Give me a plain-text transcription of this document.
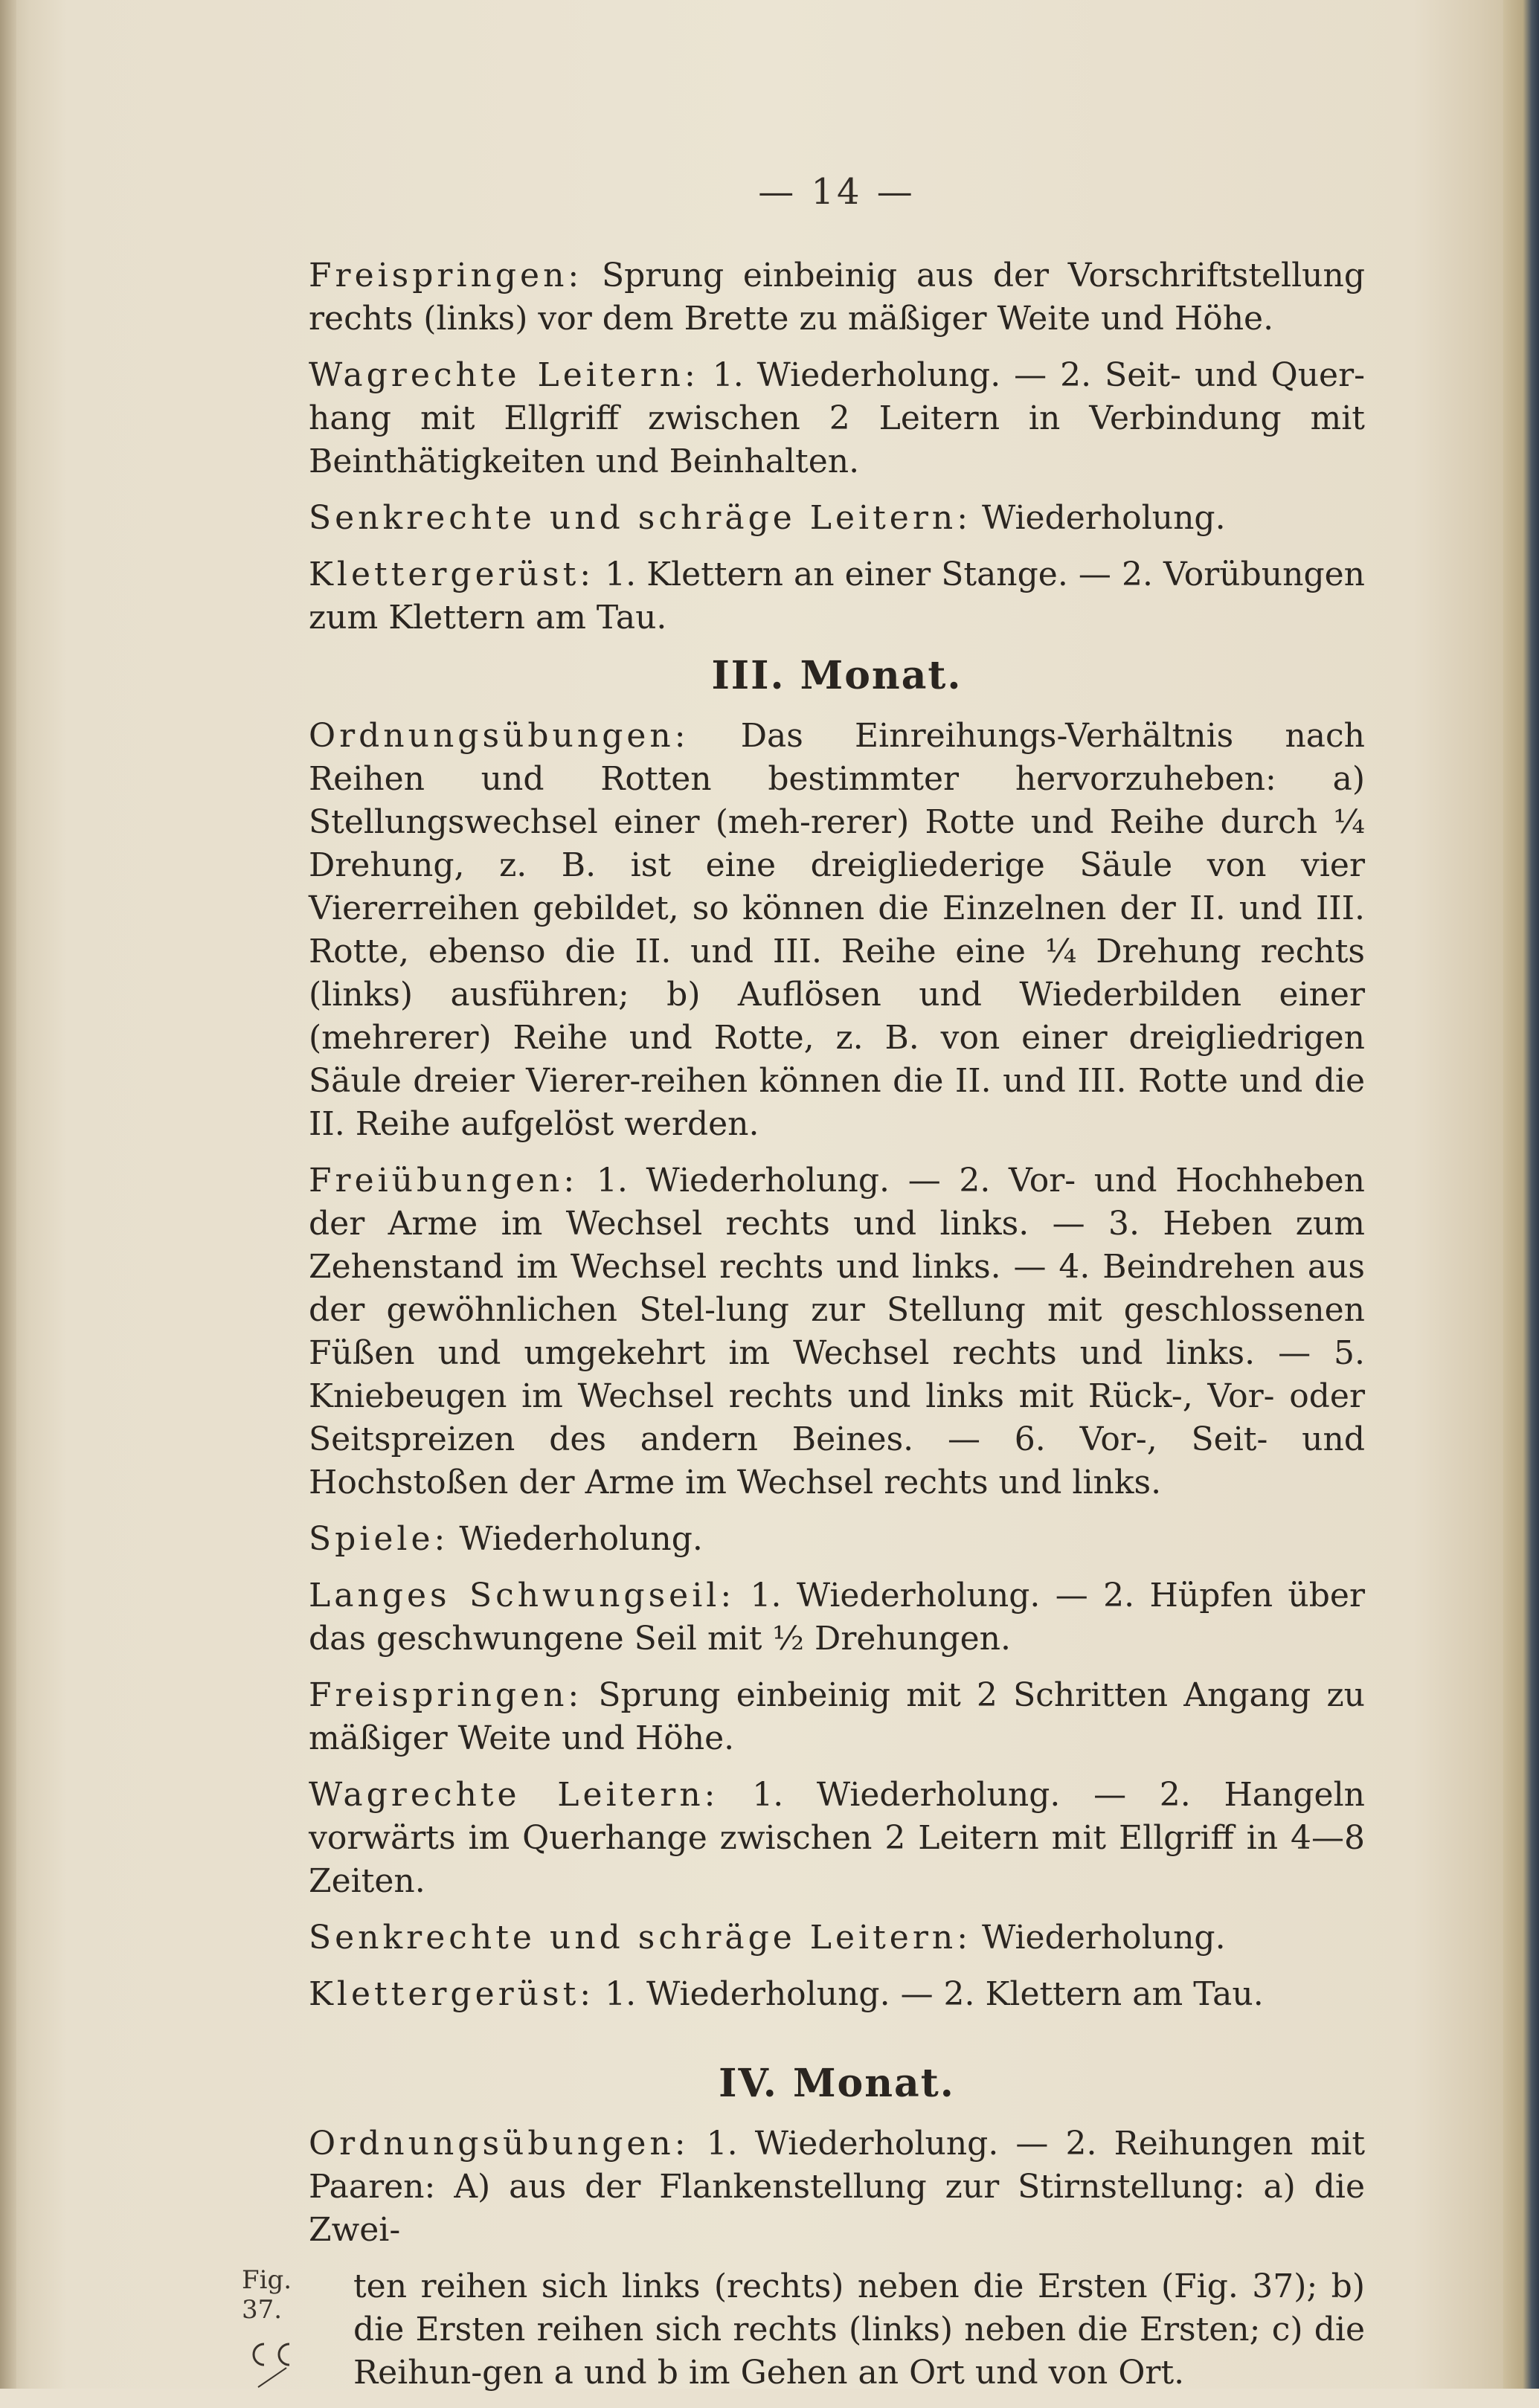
— 14 —

Freispringen: Sprung einbeinig aus der Vorschriftstellung rechts (links) vor dem Brette zu mäßiger Weite und Höhe.

Wagrechte Leitern: 1. Wiederholung. — 2. Seit- und Quer-hang mit Ellgriff zwischen 2 Leitern in Verbindung mit Beinthätigkeiten und Beinhalten.

Senkrechte und schräge Leitern: Wiederholung.

Klettergerüst: 1. Klettern an einer Stange. — 2. Vorübungen zum Klettern am Tau.

III. Monat.

Ordnungsübungen: Das Einreihungs-Verhältnis nach Reihen und Rotten bestimmter hervorzuheben: a) Stellungswechsel einer (meh-rerer) Rotte und Reihe durch ¼ Drehung, z. B. ist eine dreigliederige Säule von vier Viererreihen gebildet, so können die Einzelnen der II. und III. Rotte, ebenso die II. und III. Reihe eine ¼ Drehung rechts (links) ausführen; b) Auflösen und Wiederbilden einer (mehrerer) Reihe und Rotte, z. B. von einer dreigliedrigen Säule dreier Vierer-reihen können die II. und III. Rotte und die II. Reihe aufgelöst werden.

Freiübungen: 1. Wiederholung. — 2. Vor- und Hochheben der Arme im Wechsel rechts und links. — 3. Heben zum Zehenstand im Wechsel rechts und links. — 4. Beindrehen aus der gewöhnlichen Stel-lung zur Stellung mit geschlossenen Füßen und umgekehrt im Wechsel rechts und links. — 5. Kniebeugen im Wechsel rechts und links mit Rück-, Vor- oder Seitspreizen des andern Beines. — 6. Vor-, Seit- und Hochstoßen der Arme im Wechsel rechts und links.

Spiele: Wiederholung.

Langes Schwungseil: 1. Wiederholung. — 2. Hüpfen über das geschwungene Seil mit ½ Drehungen.

Freispringen: Sprung einbeinig mit 2 Schritten Angang zu mäßiger Weite und Höhe.

Wagrechte Leitern: 1. Wiederholung. — 2. Hangeln vorwärts im Querhange zwischen 2 Leitern mit Ellgriff in 4—8 Zeiten.

Senkrechte und schräge Leitern: Wiederholung.

Klettergerüst: 1. Wiederholung. — 2. Klettern am Tau.

IV. Monat.

Ordnungsübungen: 1. Wiederholung. — 2. Reihungen mit Paaren: A) aus der Flankenstellung zur Stirnstellung: a) die Zwei-

Fig. 37.

ten reihen sich links (rechts) neben die Ersten (Fig. 37); b) die Ersten reihen sich rechts (links) neben die Ersten; c) die Reihun-gen a und b im Gehen an Ort und von Ort.
